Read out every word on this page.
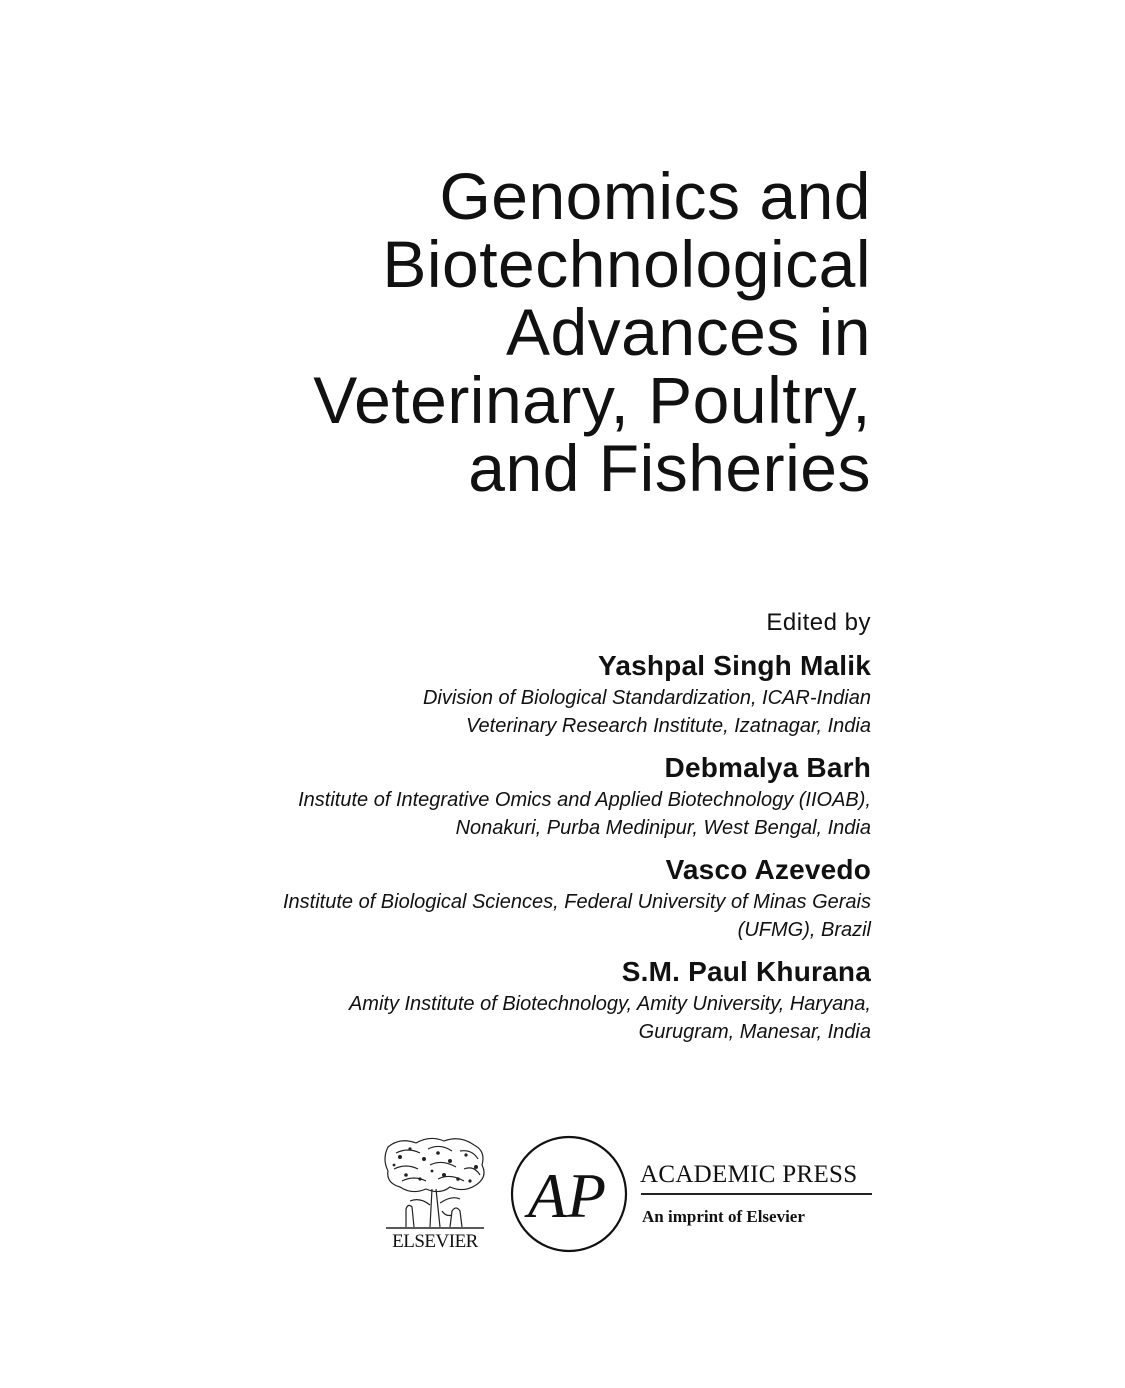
Genomics and
Biotechnological
Advances in
Veterinary, Poultry,
and Fisheries
Edited by
Yashpal Singh Malik
Division of Biological Standardization, ICAR-Indian
Veterinary Research Institute, Izatnagar, India
Debmalya Barh
Institute of Integrative Omics and Applied Biotechnology (IIOAB),
Nonakuri, Purba Medinipur, West Bengal, India
Vasco Azevedo
Institute of Biological Sciences, Federal University of Minas Gerais
(UFMG), Brazil
S.M. Paul Khurana
Amity Institute of Biotechnology, Amity University, Haryana,
Gurugram, Manesar, India
ELSEVIER
AP ACADEMIC PRESS
An imprint of Elsevier
